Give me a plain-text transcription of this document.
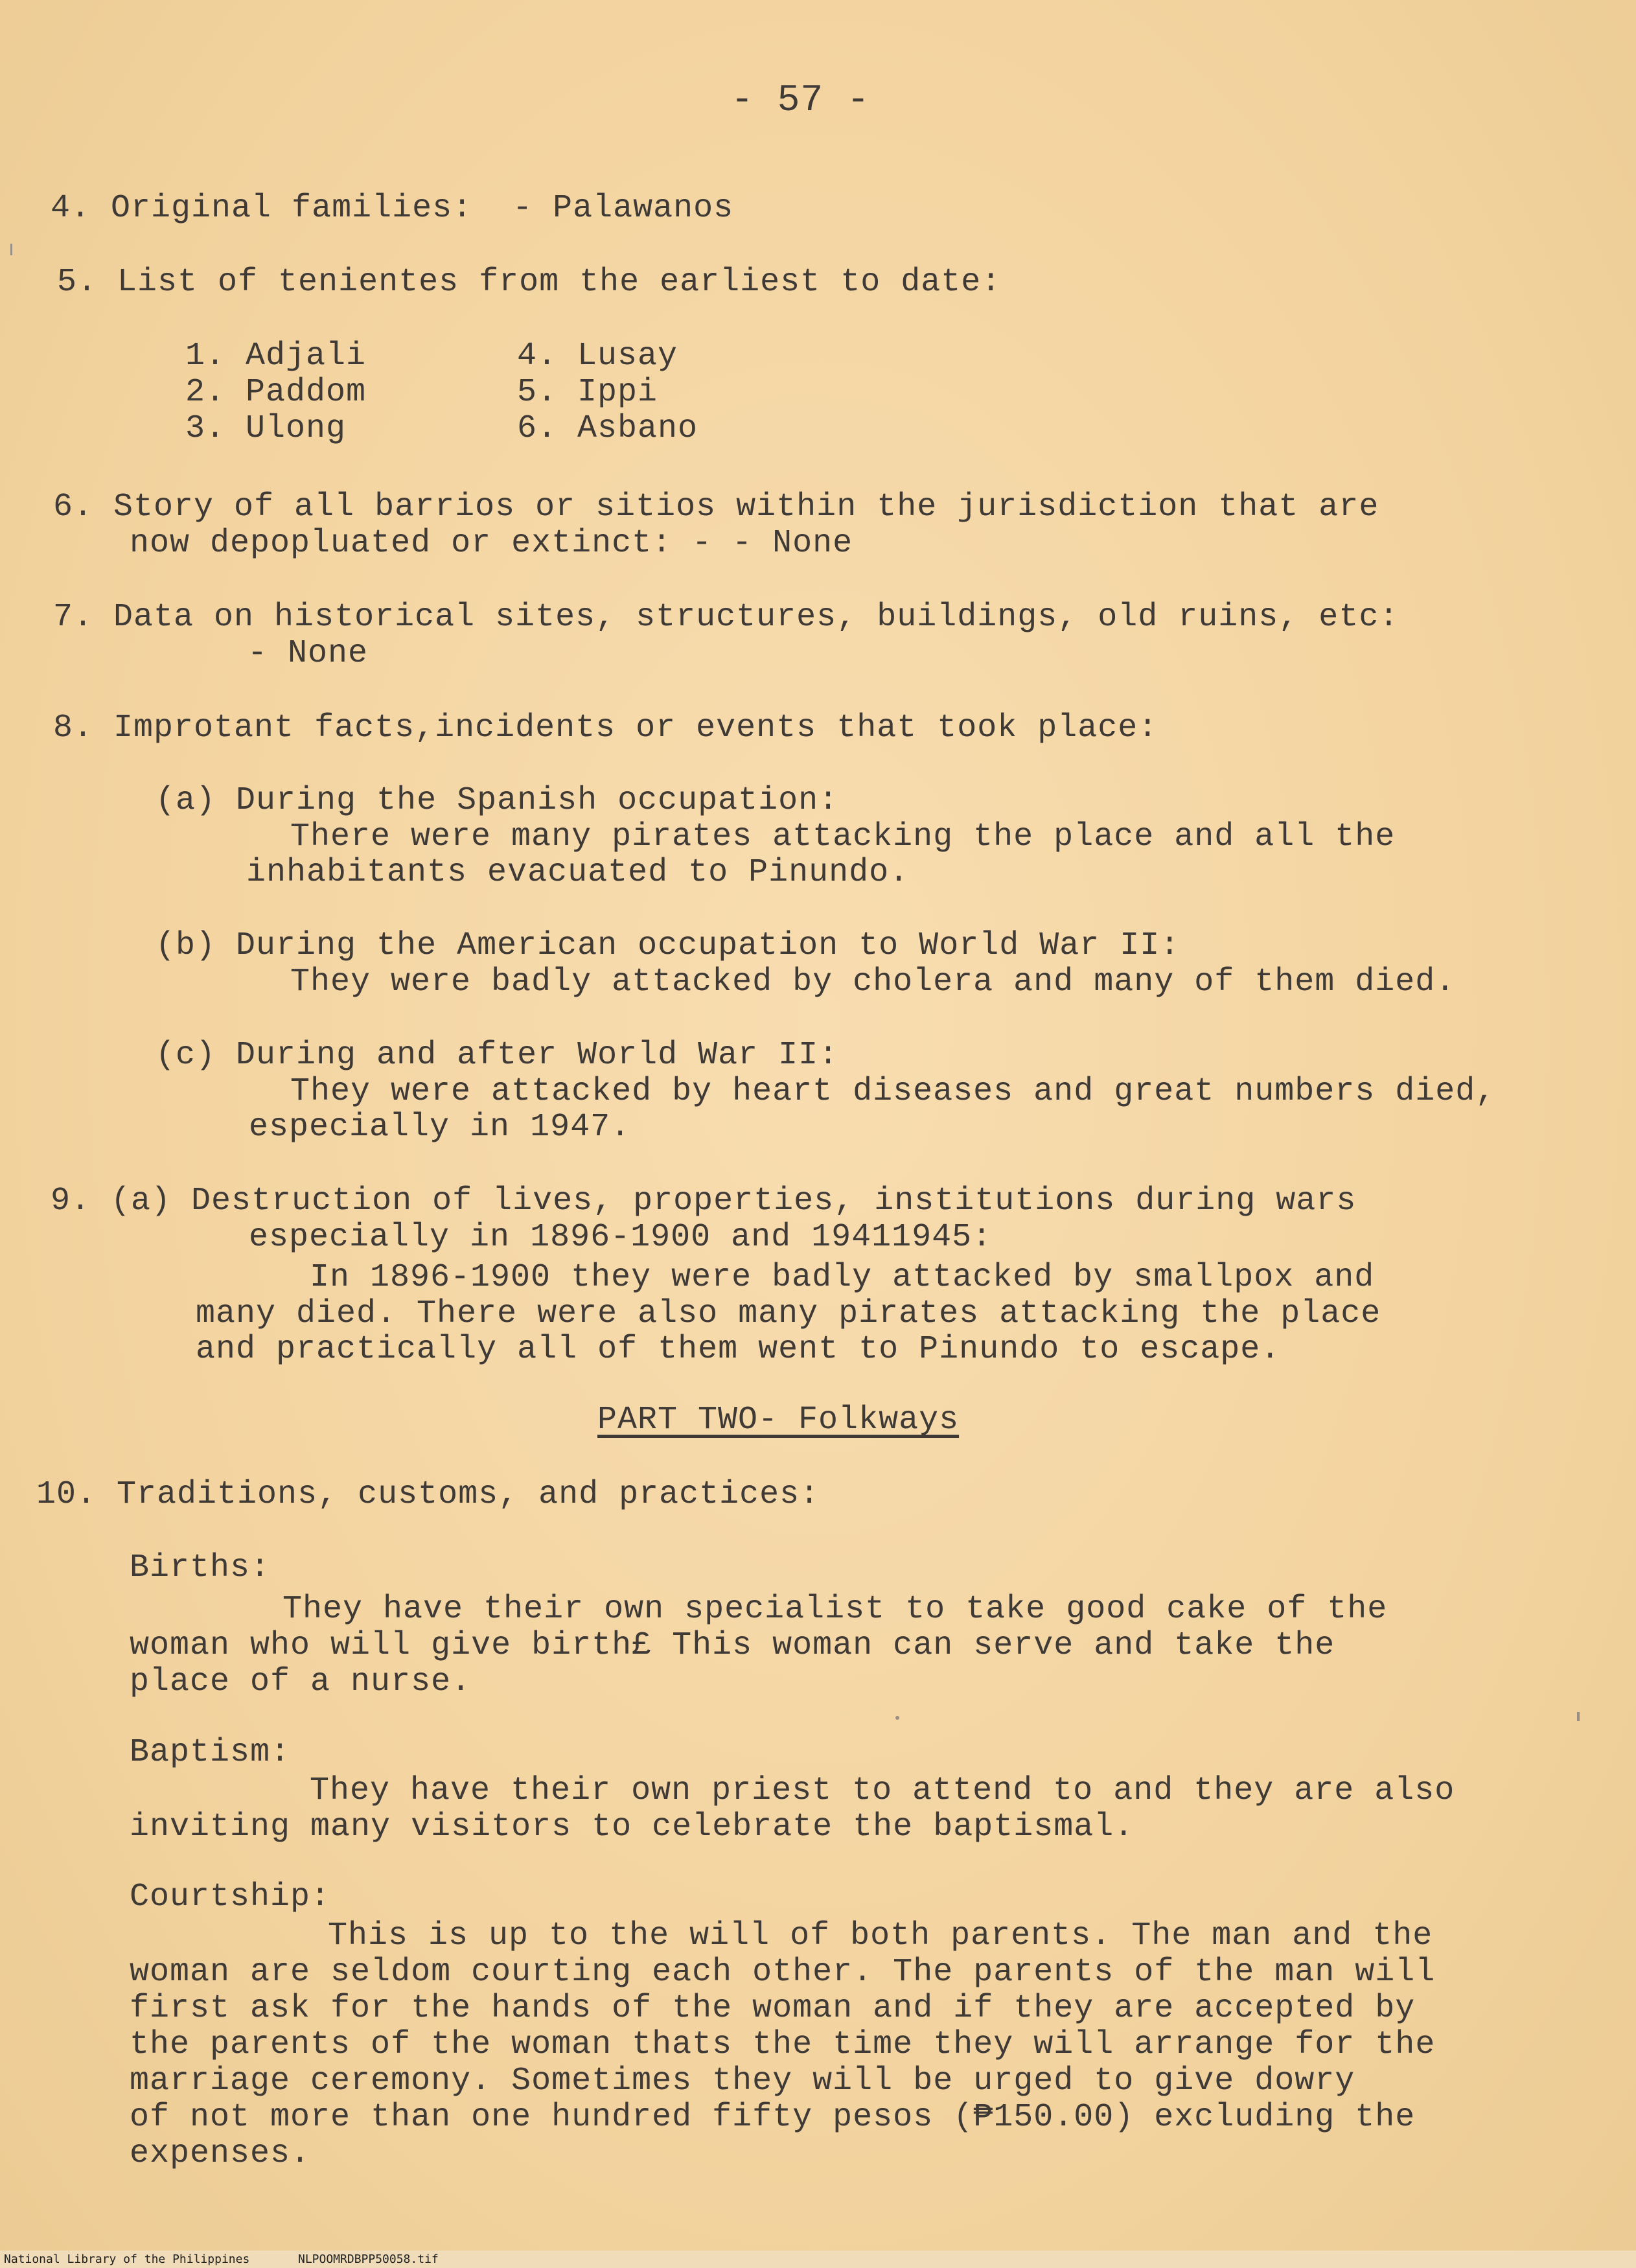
- 57 -
4. Original families:  - Palawanos
5. List of tenientes from the earliest to date:
1. Adjali
2. Paddom
3. Ulong
4. Lusay
5. Ippi
6. Asbano
6. Story of all barrios or sitios within the jurisdiction that are
now depopluated or extinct: - - None
7. Data on historical sites, structures, buildings, old ruins, etc:
- None
8. Improtant facts,incidents or events that took place:
(a) During the Spanish occupation:
There were many pirates attacking the place and all the
inhabitants evacuated to Pinundo.
(b) During the American occupation to World War II:
They were badly attacked by cholera and many of them died.
(c) During and after World War II:
They were attacked by heart diseases and great numbers died,
especially in 1947.
9. (a) Destruction of lives, properties, institutions during wars
especially in 1896-1900 and 19411945:
In 1896-1900 they were badly attacked by smallpox and
many died. There were also many pirates attacking the place
and practically all of them went to Pinundo to escape.
PART TWO- Folkways
10. Traditions, customs, and practices:
Births:
They have their own specialist to take good cake of the
woman who will give birth£ This woman can serve and take the
place of a nurse.
Baptism:
They have their own priest to attend to and they are also
inviting many visitors to celebrate the baptismal.
Courtship:
This is up to the will of both parents. The man and the
woman are seldom courting each other. The parents of the man will
first ask for the hands of the woman and if they are accepted by
the parents of the woman thats the time they will arrange for the
marriage ceremony. Sometimes they will be urged to give dowry
of not more than one hundred fifty pesos (₱150.00) excluding the
expenses.
National Library of the Philippines	NLPOOMRDBPP50058.tif
